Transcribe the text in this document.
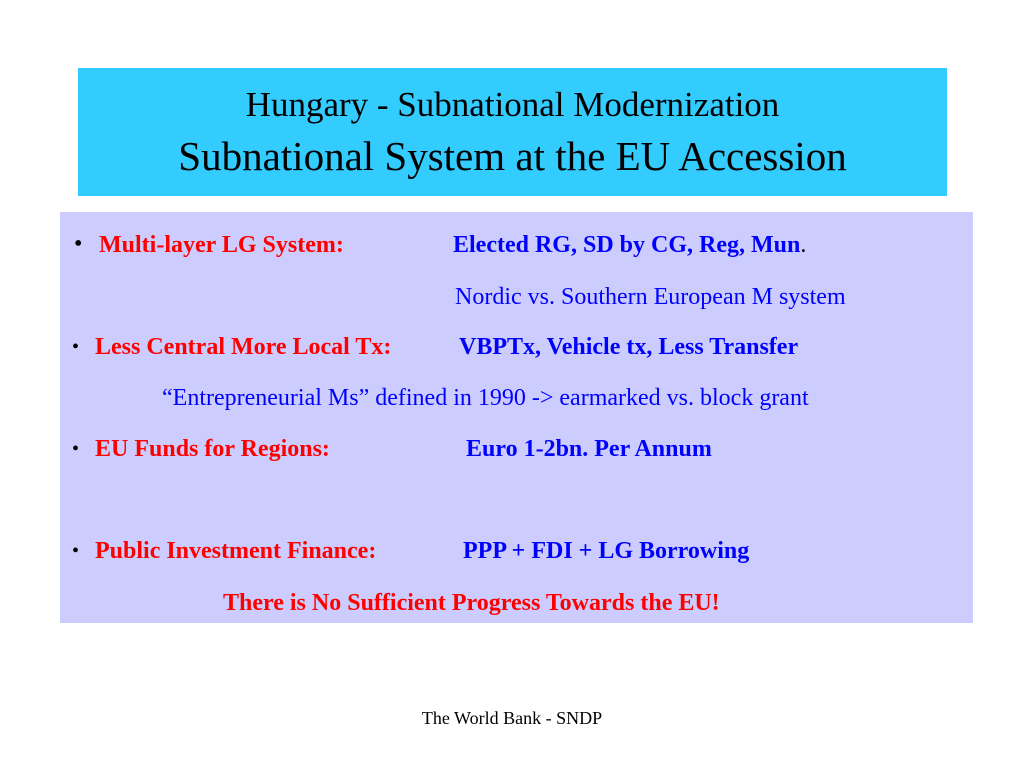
Hungary - Subnational Modernization
Subnational System at the EU Accession
• Multi-layer LG System:	Elected RG, SD by CG, Reg, Mun.
Nordic vs. Southern European M system
• Less Central More Local Tx:	VBPTx, Vehicle tx, Less Transfer
“Entrepreneurial Ms” defined in 1990 -> earmarked vs. block grant
• EU Funds for Regions:	Euro 1-2bn. Per Annum
• Public Investment Finance:	PPP + FDI + LG Borrowing
There is No Sufficient Progress Towards the EU!
The World Bank - SNDP
